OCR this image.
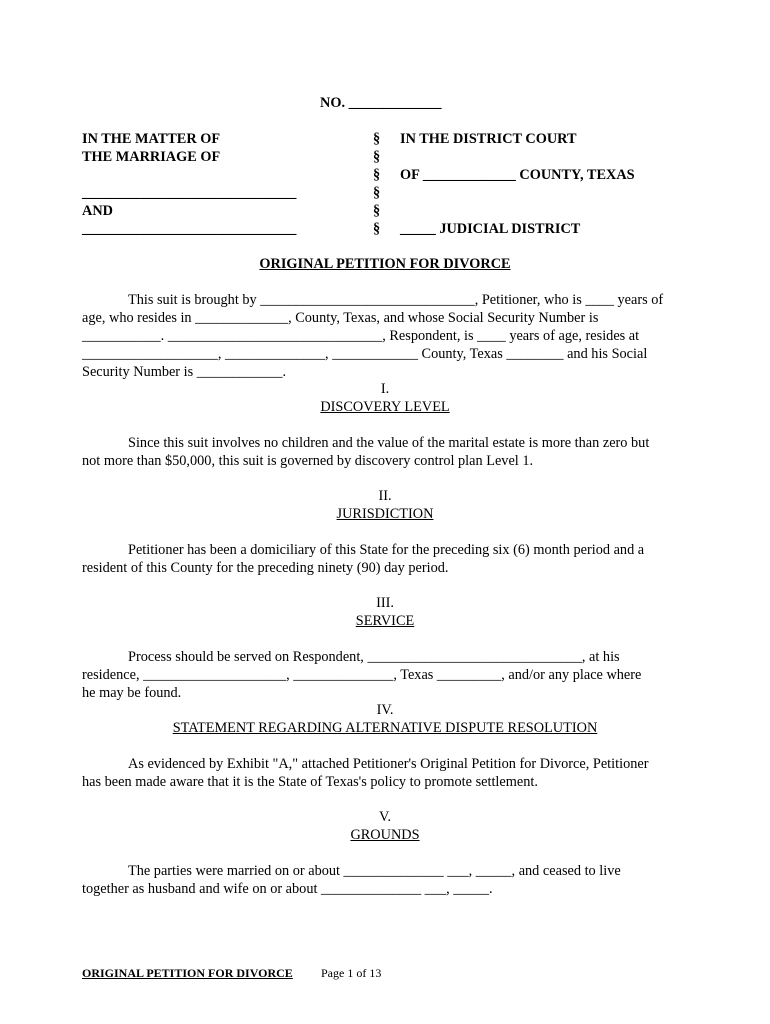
NO. _____________
IN THE MATTER OF
THE MARRIAGE OF
______________________________
AND
______________________________
§
§
§
§
§
§
IN THE DISTRICT COURT
OF _____________ COUNTY, TEXAS
_____ JUDICIAL DISTRICT
ORIGINAL PETITION FOR DIVORCE
This suit is brought by ______________________________, Petitioner, who is ____ years of
age, who resides in _____________, County, Texas, and whose Social Security Number is
___________. ______________________________, Respondent, is ____ years of age, resides at
___________________, ______________, ____________ County, Texas ________ and his Social
Security Number is ____________.
I.
DISCOVERY LEVEL
Since this suit involves no children and the value of the marital estate is more than zero but
not more than $50,000, this suit is governed by discovery control plan Level 1.
II.
JURISDICTION
Petitioner has been a domiciliary of this State for the preceding six (6) month period and a
resident of this County for the preceding ninety (90) day period.
III.
SERVICE
Process should be served on Respondent, ______________________________, at his
residence, ____________________, ______________, Texas _________, and/or any place where
he may be found.
IV.
STATEMENT REGARDING ALTERNATIVE DISPUTE RESOLUTION
As evidenced by Exhibit "A," attached Petitioner's Original Petition for Divorce, Petitioner
has been made aware that it is the State of Texas's policy to promote settlement.
V.
GROUNDS
The parties were married on or about ______________ ___, _____, and ceased to live
together as husband and wife on or about ______________ ___, _____.
ORIGINAL PETITION FOR DIVORCE Page 1 of 13
